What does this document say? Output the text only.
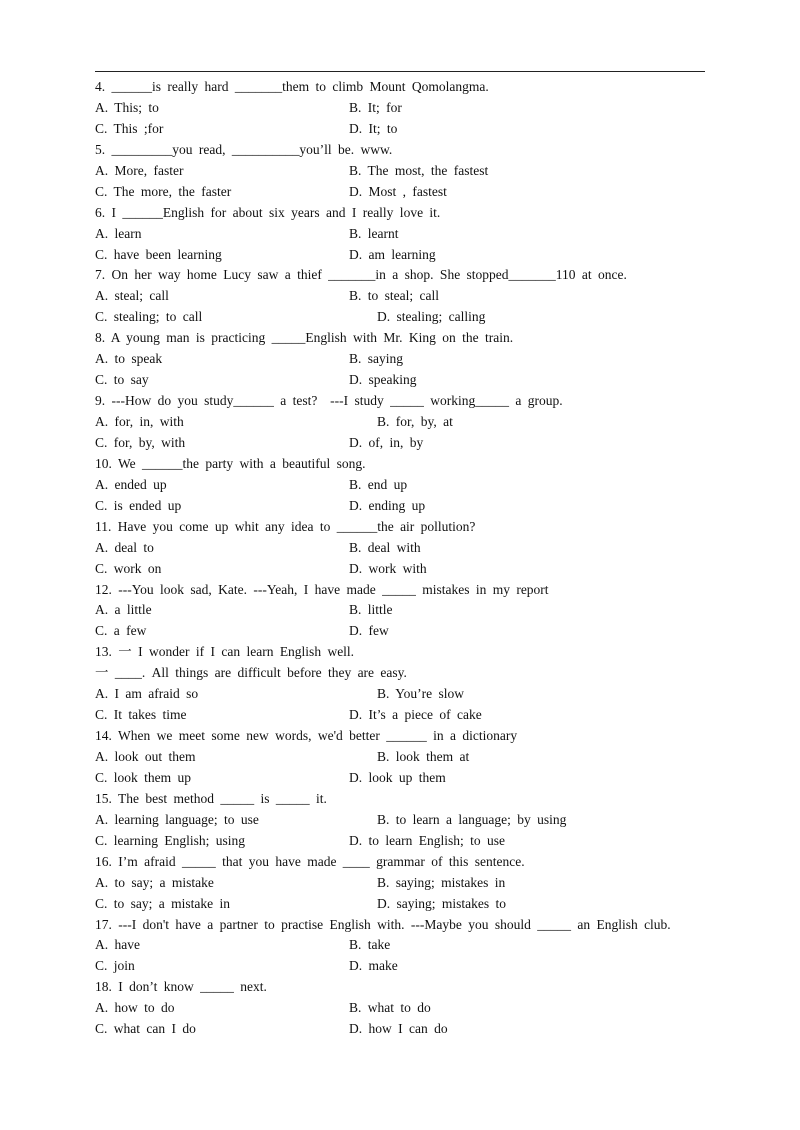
4. ______is really hard _______them to climb Mount Qomolangma.
A. This; to	B. It; for
C. This ;for	D. It; to
5. _________you read, __________you’ll be. www.
A. More, faster	B. The most, the fastest
C. The more, the faster	D. Most , fastest
6. I ______English for about six years and I really love it.
A. learn	B. learnt
C. have been learning	D. am learning
7. On her way home Lucy saw a thief _______in a shop. She stopped_______110 at once.
A. steal; call	B. to steal; call
C. stealing; to call	D. stealing; calling
8. A young man is practicing _____English with Mr. King on the train.
A. to speak	B. saying
C. to say	D. speaking
9. ---How do you study______ a test?  ---I study _____ working_____ a group.
A. for, in, with	B. for, by, at
C. for, by, with	D. of, in, by
10. We ______the party with a beautiful song.
A. ended up	B. end up
C. is ended up	D. ending up
11. Have you come up whit any idea to ______the air pollution?
A. deal to	B. deal with
C. work on	D. work with
12. ---You look sad, Kate. ---Yeah, I have made _____ mistakes in my report
A. a little	B. little
C. a few	D. few
13. 一 I wonder if I can learn English well.
一 ____. All things are difficult before they are easy.
A. I am afraid so	B. You’re slow
C. It takes time	D. It’s a piece of cake
14. When we meet some new words, we'd better ______ in a dictionary
A. look out them	B. look them at
C. look them up	D. look up them
15. The best method _____ is _____ it.
A. learning language; to use	B. to learn a language; by using
C. learning English; using	D. to learn English; to use
16. I’m afraid _____ that you have made ____ grammar of this sentence.
A. to say; a mistake	B. saying; mistakes in
C. to say; a mistake in	D. saying; mistakes to
17. ---I don't have a partner to practise English with. ---Maybe you should _____ an English club.
A. have	B. take
C. join	D. make
18. I don’t know _____ next.
A. how to do	B. what to do
C. what can I do	D. how I can do
